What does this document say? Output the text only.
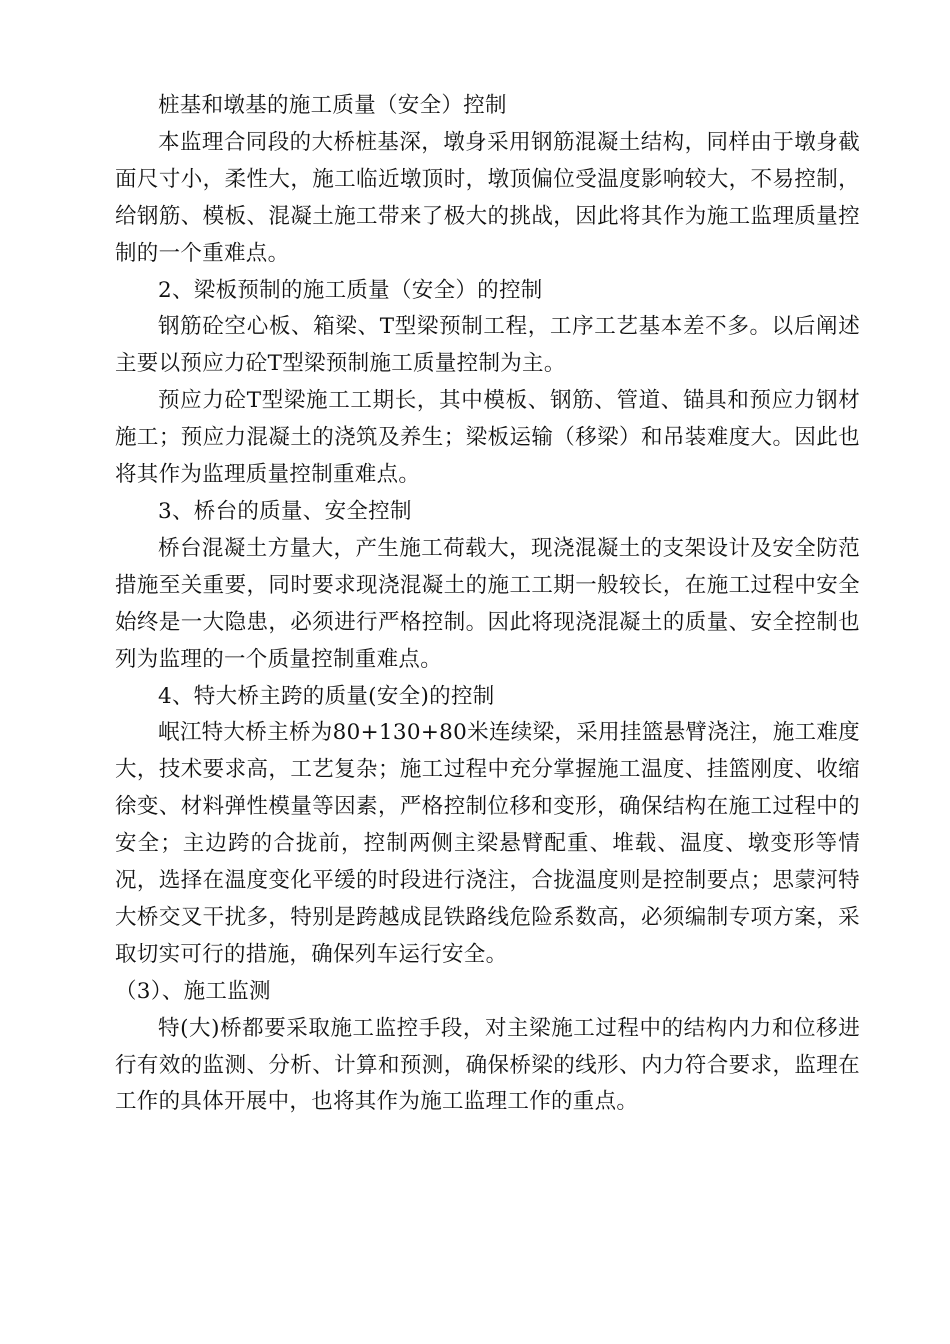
桩基和墩基的施工质量（安全）控制

本监理合同段的大桥桩基深，墩身采用钢筋混凝土结构，同样由于墩身截面尺寸小，柔性大，施工临近墩顶时，墩顶偏位受温度影响较大，不易控制，给钢筋、模板、混凝土施工带来了极大的挑战，因此将其作为施工监理质量控制的一个重难点。

2、梁板预制的施工质量（安全）的控制

钢筋砼空心板、箱梁、T型梁预制工程，工序工艺基本差不多。以后阐述主要以预应力砼T型梁预制施工质量控制为主。

预应力砼T型梁施工工期长，其中模板、钢筋、管道、锚具和预应力钢材施工；预应力混凝土的浇筑及养生；梁板运输（移梁）和吊装难度大。因此也将其作为监理质量控制重难点。

3、桥台的质量、安全控制

桥台混凝土方量大，产生施工荷载大，现浇混凝土的支架设计及安全防范措施至关重要，同时要求现浇混凝土的施工工期一般较长，在施工过程中安全始终是一大隐患，必须进行严格控制。因此将现浇混凝土的质量、安全控制也列为监理的一个质量控制重难点。

4、特大桥主跨的质量(安全)的控制

岷江特大桥主桥为80+130+80米连续梁，采用挂篮悬臂浇注，施工难度大，技术要求高，工艺复杂；施工过程中充分掌握施工温度、挂篮刚度、收缩徐变、材料弹性模量等因素，严格控制位移和变形，确保结构在施工过程中的安全；主边跨的合拢前，控制两侧主梁悬臂配重、堆载、温度、墩变形等情况，选择在温度变化平缓的时段进行浇注，合拢温度则是控制要点；思蒙河特大桥交叉干扰多，特别是跨越成昆铁路线危险系数高，必须编制专项方案，采取切实可行的措施，确保列车运行安全。

（3）、施工监测

特(大)桥都要采取施工监控手段，对主梁施工过程中的结构内力和位移进行有效的监测、分析、计算和预测，确保桥梁的线形、内力符合要求，监理在工作的具体开展中，也将其作为施工监理工作的重点。
